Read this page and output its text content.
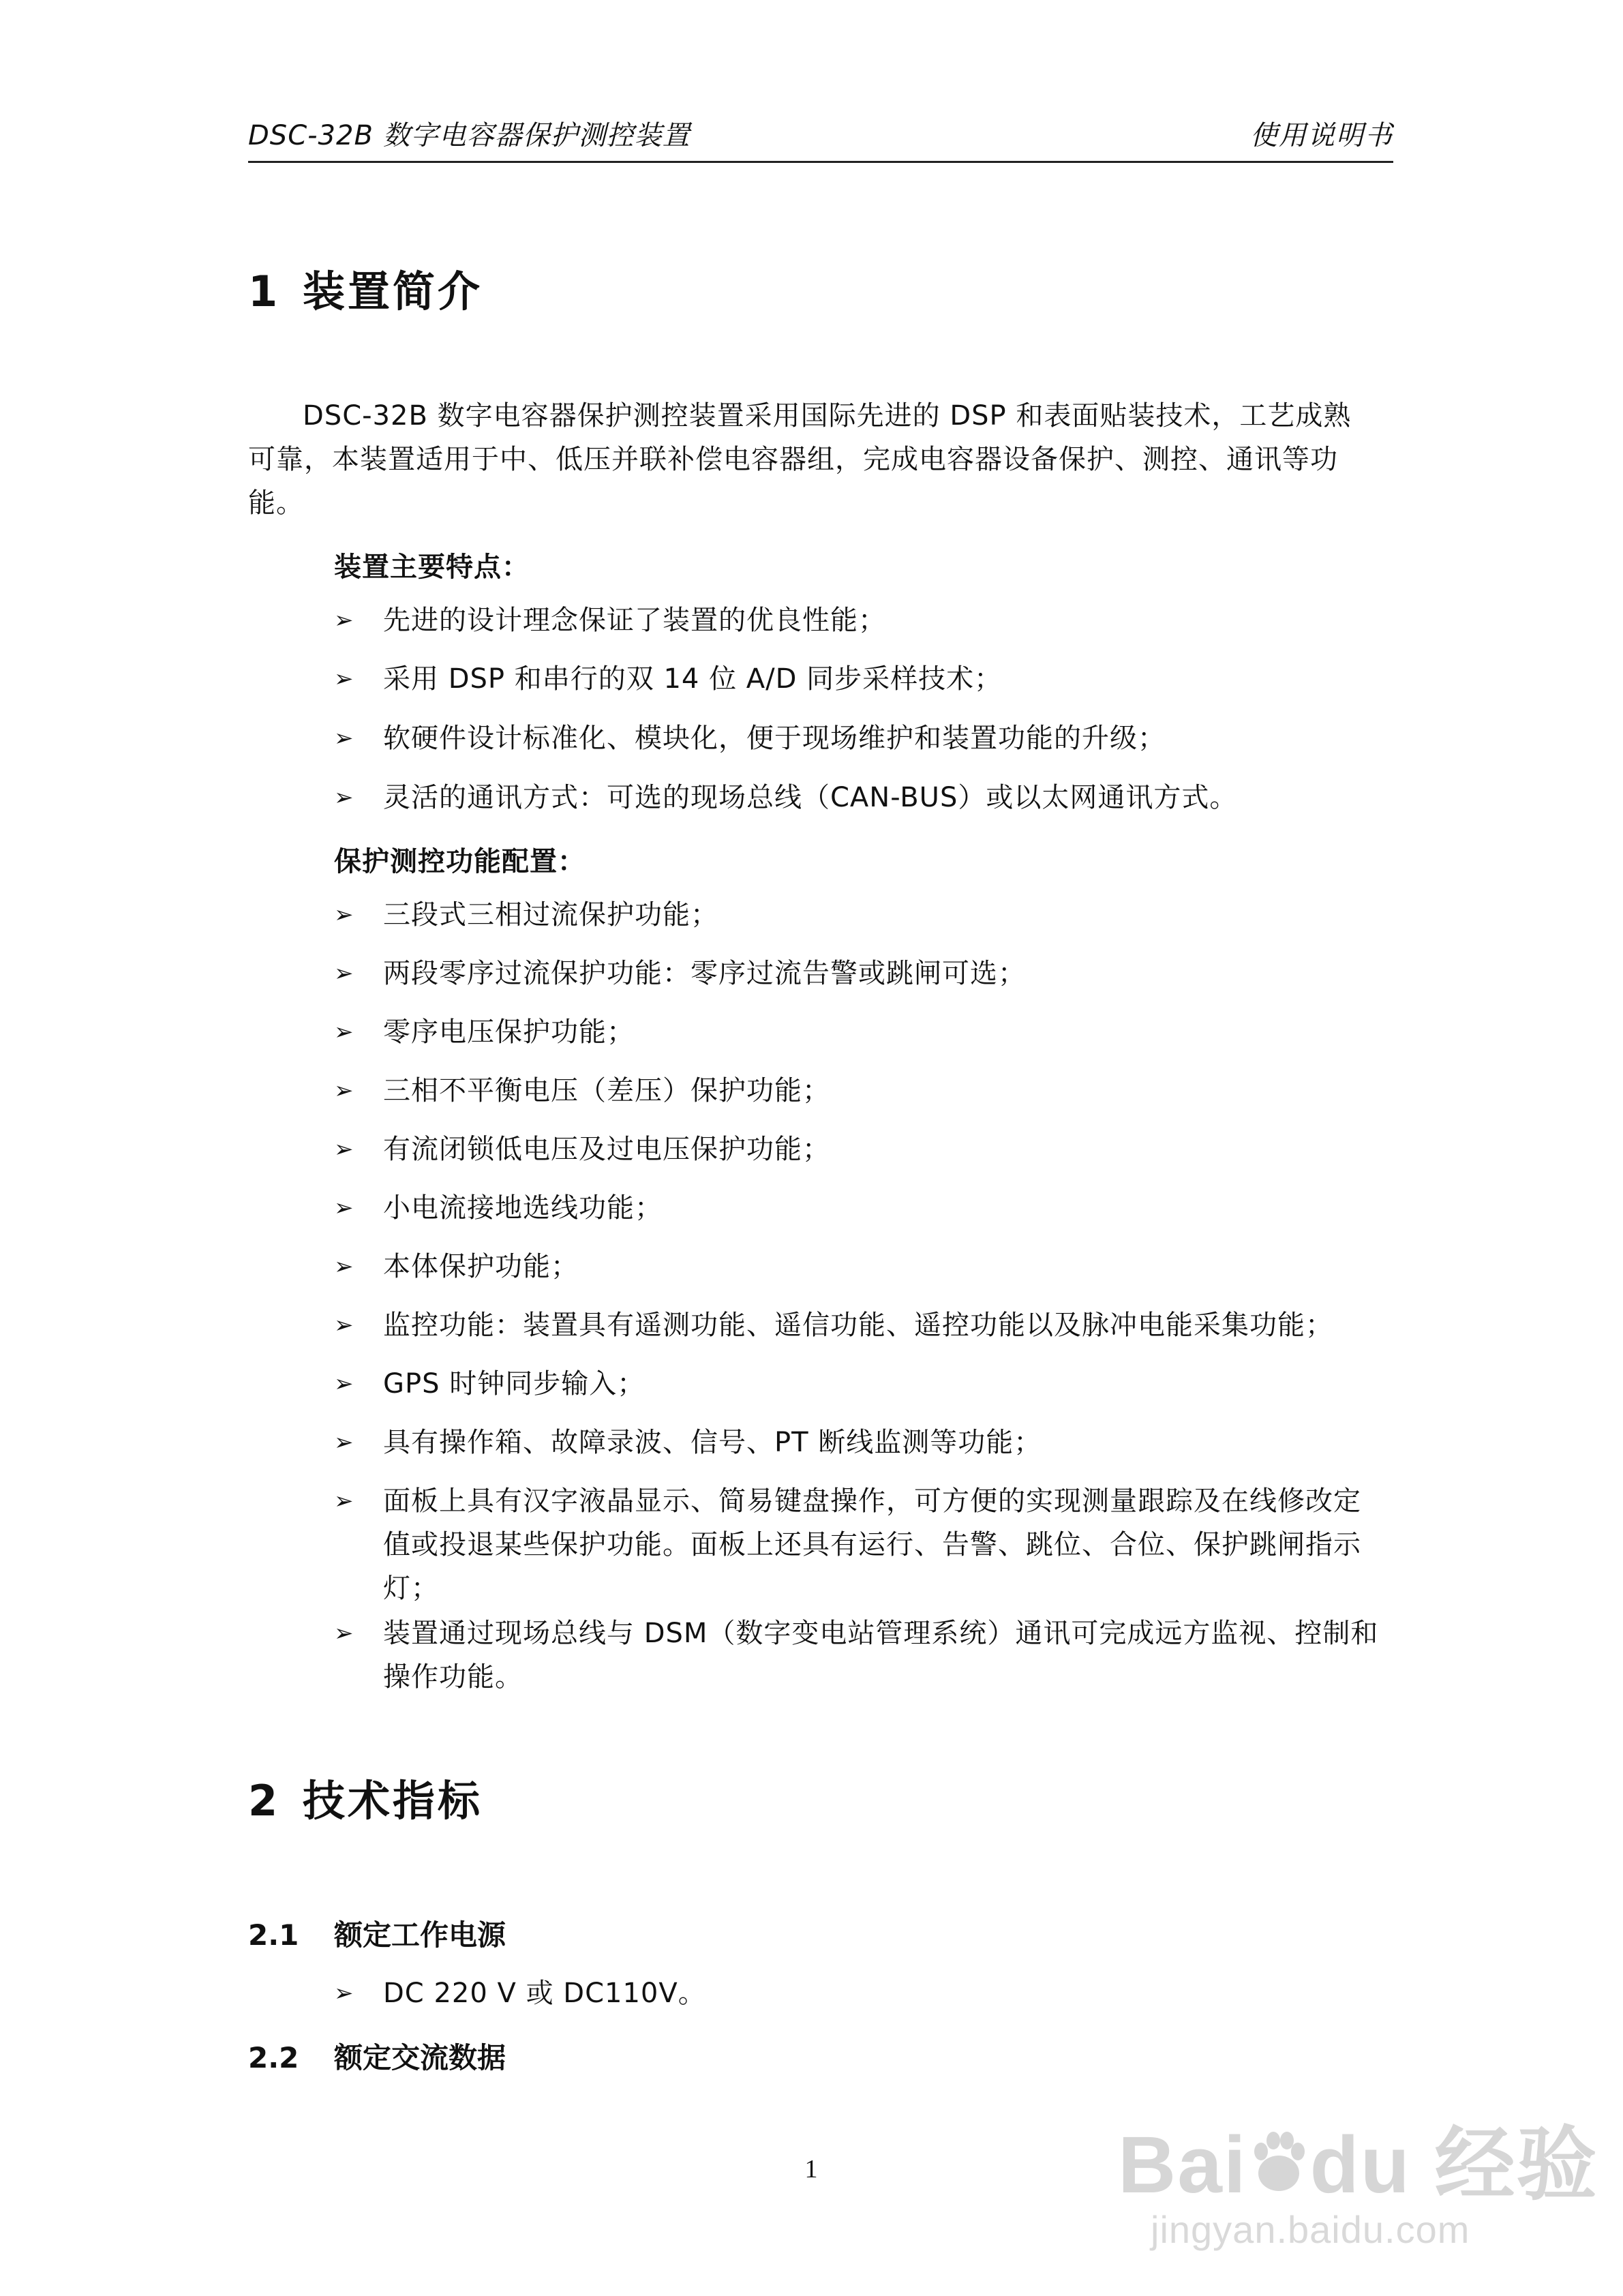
DSC-32B 数字电容器保护测控装置	使用说明书
1 装置简介
DSC-32B 数字电容器保护测控装置采用国际先进的 DSP 和表面贴装技术，工艺成熟可靠，本装置适用于中、低压并联补偿电容器组，完成电容器设备保护、测控、通讯等功能。
装置主要特点：
➢ 先进的设计理念保证了装置的优良性能；
➢ 采用 DSP 和串行的双 14 位 A/D 同步采样技术；
➢ 软硬件设计标准化、模块化，便于现场维护和装置功能的升级；
➢ 灵活的通讯方式：可选的现场总线（CAN-BUS）或以太网通讯方式。
保护测控功能配置：
➢ 三段式三相过流保护功能；
➢ 两段零序过流保护功能：零序过流告警或跳闸可选；
➢ 零序电压保护功能；
➢ 三相不平衡电压（差压）保护功能；
➢ 有流闭锁低电压及过电压保护功能；
➢ 小电流接地选线功能；
➢ 本体保护功能；
➢ 监控功能：装置具有遥测功能、遥信功能、遥控功能以及脉冲电能采集功能；
➢ GPS 时钟同步输入；
➢ 具有操作箱、故障录波、信号、PT 断线监测等功能；
➢ 面板上具有汉字液晶显示、简易键盘操作，可方便的实现测量跟踪及在线修改定值或投退某些保护功能。面板上还具有运行、告警、跳位、合位、保护跳闸指示灯；
➢ 装置通过现场总线与 DSM（数字变电站管理系统）通讯可完成远方监视、控制和操作功能。
2 技术指标
2.1 额定工作电源
➢ DC 220 V 或 DC110V。
2.2 额定交流数据
1	Bai du 经验
jingyan.baidu.com
